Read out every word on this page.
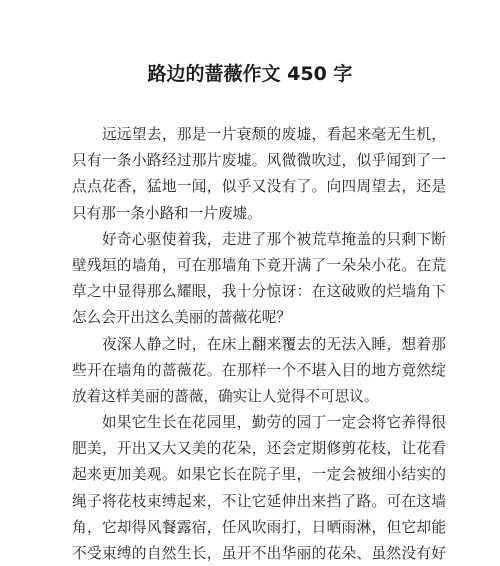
路边的蔷薇作文 450 字
　　远远望去，那是一片衰颓的废墟，看起来毫无生机，
只有一条小路经过那片废墟。风微微吹过，似乎闻到了一
点点花香，猛地一闻，似乎又没有了。向四周望去，还是
只有那一条小路和一片废墟。
　　好奇心驱使着我，走进了那个被荒草掩盖的只剩下断
壁残垣的墙角，可在那墙角下竟开满了一朵朵小花。在荒
草之中显得那么耀眼，我十分惊讶：在这破败的烂墙角下
怎么会开出这么美丽的蔷薇花呢？
　　夜深人静之时，在床上翻来覆去的无法入睡，想着那
些开在墙角的蔷薇花。在那样一个不堪入目的地方竟然绽
放着这样美丽的蔷薇，确实让人觉得不可思议。
　　如果它生长在花园里，勤劳的园丁一定会将它养得很
肥美，开出又大又美的花朵，还会定期修剪花枝，让花看
起来更加美观。如果它长在院子里，一定会被细小结实的
绳子将花枝束缚起来，不让它延伸出来挡了路。可在这墙
角，它却得风餐露宿，任风吹雨打，日晒雨淋，但它却能
不受束缚的自然生长，虽开不出华丽的花朵、虽然没有好
